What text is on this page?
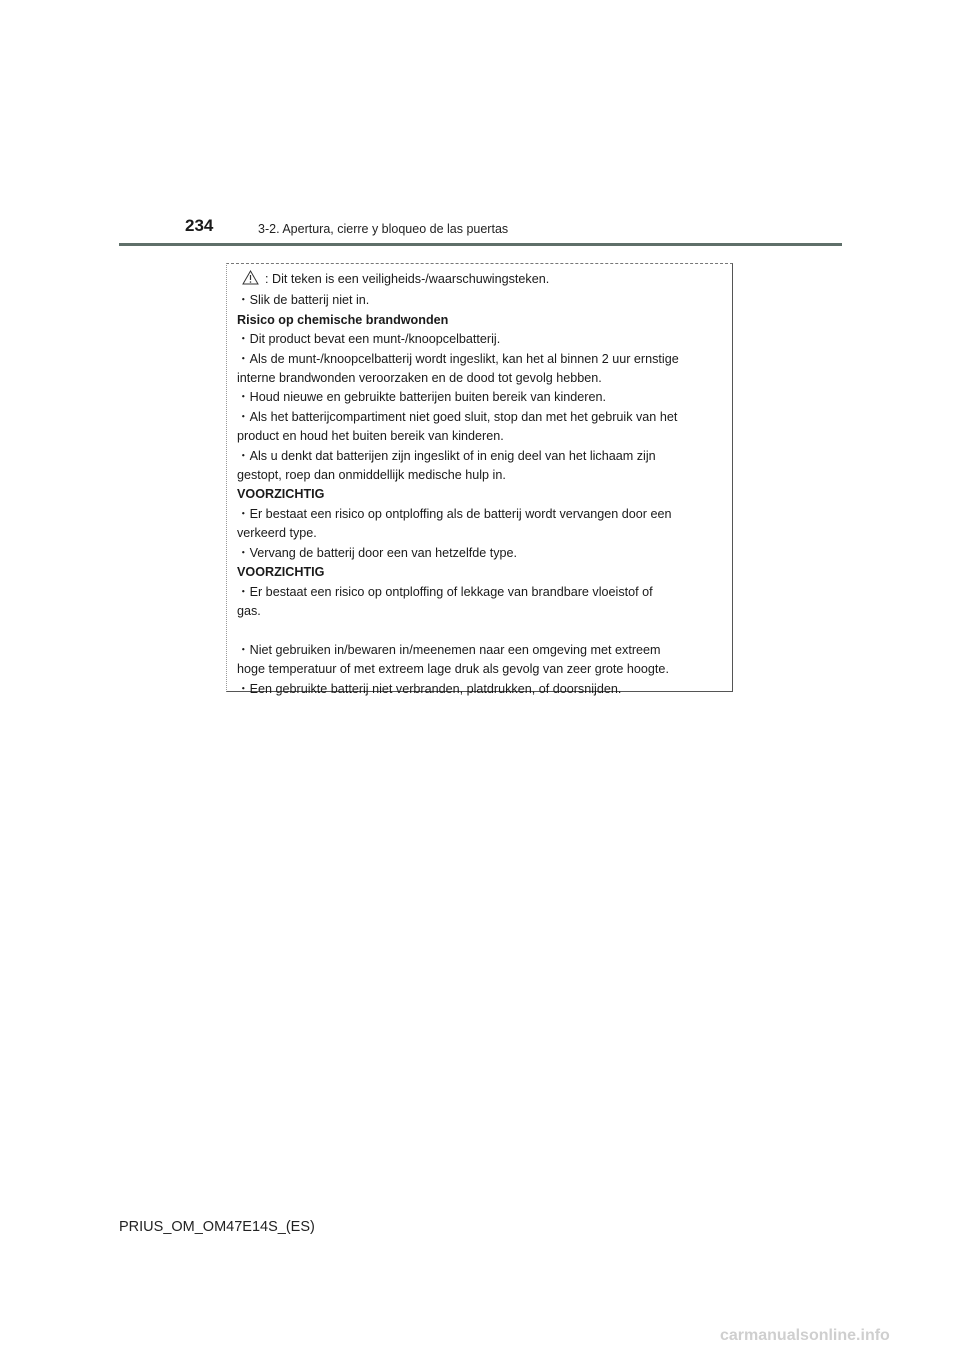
234	3-2. Apertura, cierre y bloqueo de las puertas
: Dit teken is een veiligheids-/waarschuwingsteken.
・Slik de batterij niet in.
Risico op chemische brandwonden
・Dit product bevat een munt-/knoopcelbatterij.
・Als de munt-/knoopcelbatterij wordt ingeslikt, kan het al binnen 2 uur ernstige
interne brandwonden veroorzaken en de dood tot gevolg hebben.
・Houd nieuwe en gebruikte batterijen buiten bereik van kinderen.
・Als het batterijcompartiment niet goed sluit, stop dan met het gebruik van het
product en houd het buiten bereik van kinderen.
・Als u denkt dat batterijen zijn ingeslikt of in enig deel van het lichaam zijn
gestopt, roep dan onmiddellijk medische hulp in.
VOORZICHTIG
・Er bestaat een risico op ontploffing als de batterij wordt vervangen door een
verkeerd type.
・Vervang de batterij door een van hetzelfde type.
VOORZICHTIG
・Er bestaat een risico op ontploffing of lekkage van brandbare vloeistof of
gas.
・Niet gebruiken in/bewaren in/meenemen naar een omgeving met extreem
hoge temperatuur of met extreem lage druk als gevolg van zeer grote hoogte.
・Een gebruikte batterij niet verbranden, platdrukken, of doorsnijden.
PRIUS_OM_OM47E14S_(ES)
carmanualsonline.info
